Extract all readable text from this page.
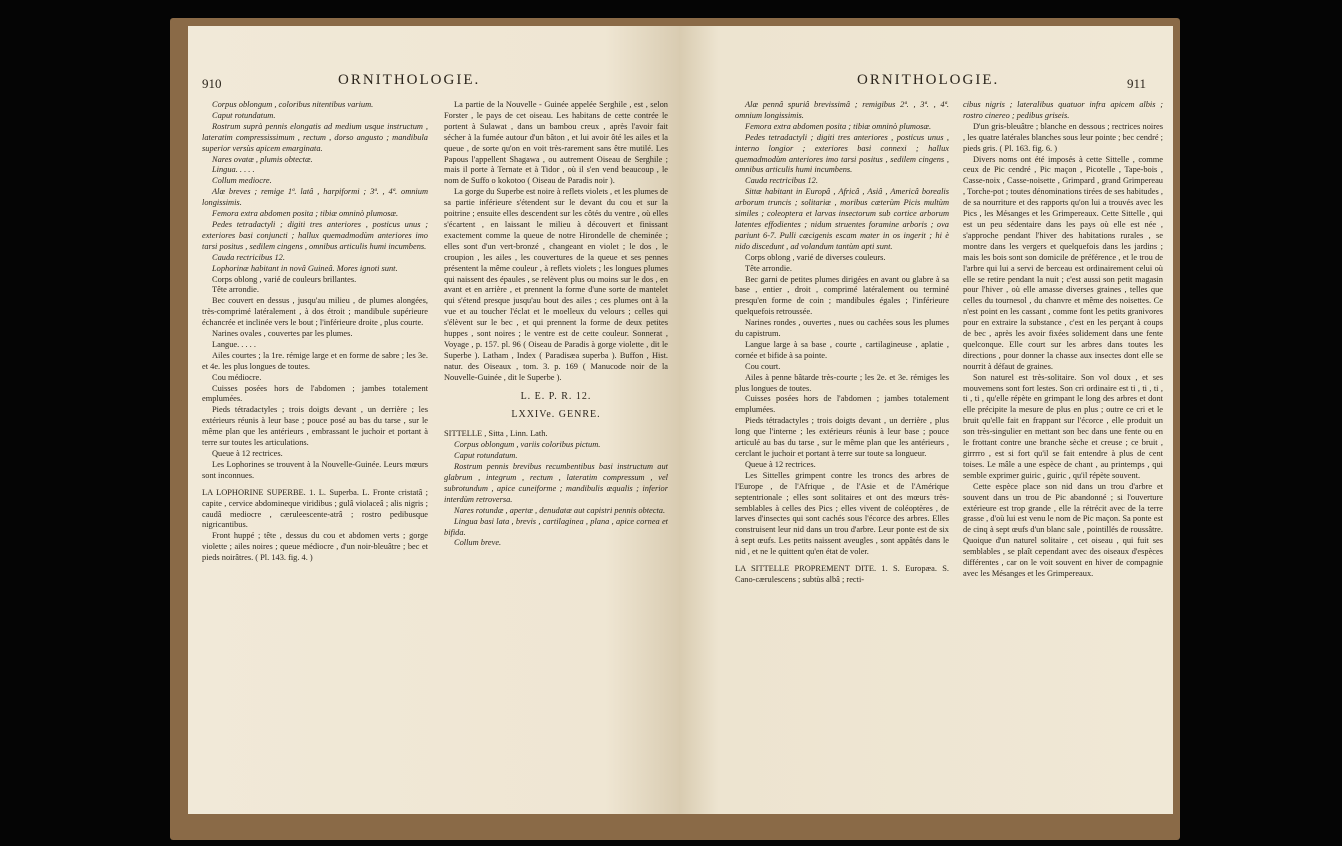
910	ORNITHOLOGIE.

Corpus oblongum , coloribus nitentibus varium.

Caput rotundatum.

Rostrum suprà pennis elongatis ad medium usque instructum , lateratim compressissimum , rectum , dorso angusto ; mandibula superior versùs apicem emarginata.

Nares ovatæ , plumis obtectæ.

Lingua. . . . .

Collum mediocre.

Alæ breves ; remige 1ª. latâ , harpiformi ; 3ª. , 4ª. omnium longissimis.

Femora extra abdomen posita ; tibiæ omninò plumosæ.

Pedes tetradactyli ; digiti tres anteriores , posticus unus ; exteriores basi conjuncti ; hallux quemadmodùm anteriores imo tarsi positus , sedilem cingens , omnibus articulis humi incumbens.

Cauda rectricibus 12.

Lophorinæ habitant in novâ Guineâ. Mores ignoti sunt.

Corps oblong , varié de couleurs brillantes.

Tête arrondie.

Bec couvert en dessus , jusqu'au milieu , de plumes alongées, très-comprimé latéralement , à dos étroit ; mandibule supérieure échancrée et inclinée vers le bout ; l'inférieure droite , plus courte.

Narines ovales , couvertes par les plumes.

Langue. . . . .

Ailes courtes ; la 1re. rémige large et en forme de sabre ; les 3e. et 4e. les plus longues de toutes.

Cou médiocre.

Cuisses posées hors de l'abdomen ; jambes totalement emplumées.

Pieds tétradactyles ; trois doigts devant , un derrière ; les extérieurs réunis à leur base ; pouce posé au bas du tarse , sur le même plan que les antérieurs , embrassant le juchoir et portant à terre sur toutes les articulations.

Queue à 12 rectrices.

Les Lophorines se trouvent à la Nouvelle-Guinée. Leurs mœurs sont inconnues.

LA LOPHORINE SUPERBE. 1. L. Superba. L. Fronte cristatâ ; capite , cervice abdomineque viridibus ; gulâ violaceâ ; alis nigris ; caudâ mediocre , cæruleescente-atrâ ; rostro pedibusque nigricantibus.

Front huppé ; tête , dessus du cou et abdomen verts ; gorge violette ; ailes noires ; queue médiocre , d'un noir-bleuâtre ; bec et pieds noirâtres. ( Pl. 143. fig. 4. )

La partie de la Nouvelle - Guinée appelée Serghile , est , selon Forster , le pays de cet oiseau. Les habitans de cette contrée le portent à Sulawat , dans un bambou creux , après l'avoir fait sécher à la fumée autour d'un bâton , et lui avoir ôté les ailes et la queue , de sorte qu'on en voit très-rarement sans être mutilé. Les Papous l'appellent Shagawa , ou autrement Oiseau de Serghile ; mais il porte à Ternate et à Tidor , où il s'en vend beaucoup , le nom de Suffo o kokotoo ( Oiseau de Paradis noir ).

La gorge du Superbe est noire à reflets violets , et les plumes de sa partie inférieure s'étendent sur le devant du cou et sur la poitrine ; ensuite elles descendent sur les côtés du ventre , où elles s'écartent , en laissant le milieu à découvert et finissant exactement comme la queue de notre Hirondelle de cheminée ; elles sont d'un vert-bronzé , changeant en violet ; le dos , le croupion , les ailes , les couvertures de la queue et ses pennes présentent la même couleur , à reflets violets ; les longues plumes qui naissent des épaules , se relèvent plus ou moins sur le dos , en avant et en arrière , et prennent la forme d'une sorte de mantelet qui s'étend presque jusqu'au bout des ailes ; ces plumes ont à la vue et au toucher l'éclat et le moelleux du velours ; celles qui s'élèvent sur le bec , et qui prennent la forme de deux petites huppes , sont noires ; le ventre est de cette couleur. Sonnerat , Voyage , p. 157. pl. 96 ( Oiseau de Paradis à gorge violette , dit le Superbe ). Latham , Index ( Paradisæa superba ). Buffon , Hist. natur. des Oiseaux , tom. 3. p. 169 ( Manucode noir de la Nouvelle-Guinée , dit le Superbe ).

L. E. P. R. 12.

LXXIVe. GENRE.

SITTELLE , Sitta , Linn. Lath.

Corpus oblongum , variis coloribus pictum.

Caput rotundatum.

Rostrum pennis brevibus recumbentibus basi instructum aut glabrum , integrum , rectum , lateratim compressum , vel subrotundum , apice cuneiforme ; mandibulis æqualis ; inferior interdùm retroversa.

Nares rotundæ , apertæ , denudatæ aut capistri pennis obtecta.

Lingua basi lata , brevis , cartilaginea , plana , apice cornea et bifida.

Collum breve.

ORNITHOLOGIE.	911

Alæ pennâ spuriâ brevissimâ ; remigibus 2ª. , 3ª. , 4ª. omnium longissimis.

Femora extra abdomen posita ; tibiæ omninò plumosæ.

Pedes tetradactyli ; digiti tres anteriores , posticus unus , interno longior ; exteriores basi connexi ; hallux quemadmodùm anteriores imo tarsi positus , sedilem cingens , omnibus articulis humi incumbens.

Cauda rectricibus 12.

Sittæ habitant in Europâ , Africâ , Asiâ , Americâ borealis arborum truncis ; solitariæ , moribus cæterùm Picis multùm similes ; coleoptera et larvas insectorum sub cortice arborum latentes effodientes ; nidum struentes foramine arboris ; ova pariunt 6-7. Pulli cæcigenis escam mater in os ingerit ; hi è nido discedunt , ad volandum tantùm apti sunt.

Corps oblong , varié de diverses couleurs.

Tête arrondie.

Bec garni de petites plumes dirigées en avant ou glabre à sa base , entier , droit , comprimé latéralement ou terminé presqu'en forme de coin ; mandibules égales ; l'inférieure quelquefois retroussée.

Narines rondes , ouvertes , nues ou cachées sous les plumes du capistrum.

Langue large à sa base , courte , cartilagineuse , aplatie , cornée et bifide à sa pointe.

Cou court.

Ailes à penne bâtarde très-courte ; les 2e. et 3e. rémiges les plus longues de toutes.

Cuisses posées hors de l'abdomen ; jambes totalement emplumées.

Pieds tétradactyles ; trois doigts devant , un derrière , plus long que l'interne ; les extérieurs réunis à leur base ; pouce articulé au bas du tarse , sur le même plan que les antérieurs , cerclant le juchoir et portant à terre sur toute sa longueur.

Queue à 12 rectrices.

Les Sittelles grimpent contre les troncs des arbres de l'Europe , de l'Afrique , de l'Asie et de l'Amérique septentrionale ; elles sont solitaires et ont des mœurs très-semblables à celles des Pics ; elles vivent de coléoptères , de larves d'insectes qui sont cachés sous l'écorce des arbres. Elles construisent leur nid dans un trou d'arbre. Leur ponte est de six à sept œufs. Les petits naissent aveugles , sont appâtés dans le nid , et ne le quittent qu'en état de voler.

LA SITTELLE PROPREMENT DITE. 1. S. Europæa. S. Cano-cærulescens ; subtùs albâ ; recti-

cibus nigris ; lateralibus quatuor infra apicem albis ; rostro cinereo ; pedibus griseis.

D'un gris-bleuâtre ; blanche en dessous ; rectrices noires , les quatre latérales blanches sous leur pointe ; bec cendré ; pieds gris. ( Pl. 163. fig. 6. )

Divers noms ont été imposés à cette Sittelle , comme ceux de Pic cendré , Pic maçon , Picotelle , Tape-bois , Casse-noix , Casse-noisette , Grimpard , grand Grimpereau , Torche-pot ; toutes dénominations tirées de ses habitudes , de sa nourriture et des rapports qu'on lui a trouvés avec les Pics , les Mésanges et les Grimpereaux. Cette Sittelle , qui est un peu sédentaire dans les pays où elle est née , s'approche pendant l'hiver des habitations rurales , se montre dans les vergers et quelquefois dans les jardins ; mais les bois sont son domicile de préférence , et le trou de l'arbre qui lui a servi de berceau est ordinairement celui où elle se retire pendant la nuit ; c'est aussi son petit magasin pour l'hiver , où elle amasse diverses graines , telles que celles du tournesol , du chanvre et même des noisettes. Ce n'est point en les cassant , comme font les petits granivores pour en extraire la substance , c'est en les perçant à coups de bec , après les avoir fixées solidement dans une fente quelconque. Elle court sur les arbres dans toutes les directions , pour donner la chasse aux insectes dont elle se nourrit à défaut de graines.

Son naturel est très-solitaire. Son vol doux , et ses mouvemens sont fort lestes. Son cri ordinaire est ti , ti , ti , ti , ti , qu'elle répète en grimpant le long des arbres et dont elle précipite la mesure de plus en plus ; outre ce cri et le bruit qu'elle fait en frappant sur l'écorce , elle produit un son très-singulier en mettant son bec dans une fente ou en le frottant contre une branche sèche et creuse ; ce bruit , girrrro , est si fort qu'il se fait entendre à plus de cent toises. Le mâle a une espèce de chant , au printemps , qui semble exprimer guiric , guiric , qu'il répète souvent.

Cette espèce place son nid dans un trou d'arbre et souvent dans un trou de Pic abandonné ; si l'ouverture extérieure est trop grande , elle la rétrécit avec de la terre grasse , d'où lui est venu le nom de Pic maçon. Sa ponte est de cinq à sept œufs d'un blanc sale , pointillés de roussâtre. Quoique d'un naturel solitaire , cet oiseau , qui fuit ses semblables , se plaît cependant avec des oiseaux d'espèces différentes , car on le voit souvent en hiver de compagnie avec les Mésanges et les Grimpereaux.
